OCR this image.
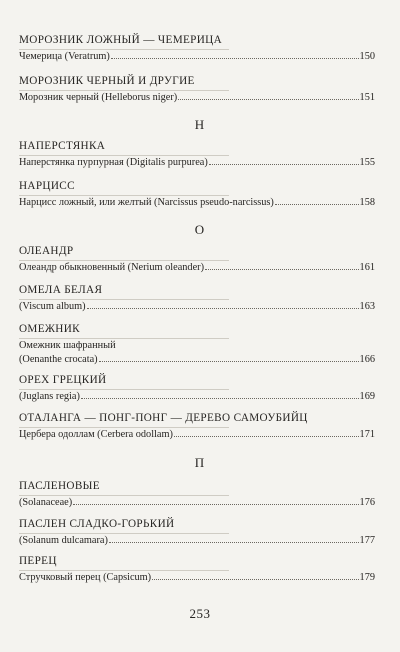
МОРОЗНИК ЛОЖНЫЙ — ЧЕМЕРИЦА
Чемерица (Veratrum)	150
МОРОЗНИК ЧЕРНЫЙ И ДРУГИЕ
Морозник черный (Helleborus niger)	151
Н
НАПЕРСТЯНКА
Наперстянка пурпурная (Digitalis purpurea)	155
НАРЦИСС
Нарцисс ложный, или желтый (Narcissus pseudo-narcissus)	158
О
ОЛЕАНДР
Олеандр обыкновенный (Nerium oleander)	161
ОМЕЛА БЕЛАЯ
(Viscum album)	163
ОМЕЖНИК
Омежник шафранный
(Oenanthe crocata)	166
ОРЕХ ГРЕЦКИЙ
(Juglans regia)	169
ОТАЛАНГА — ПОНГ-ПОНГ — ДЕРЕВО САМОУБИЙЦ
Цербера одоллам (Cerbera odollam)	171
П
ПАСЛЕНОВЫЕ
(Solanaceae)	176
ПАСЛЕН СЛАДКО-ГОРЬКИЙ
(Solanum dulcamara)	177
ПЕРЕЦ
Стручковый перец (Capsicum)	179
253
